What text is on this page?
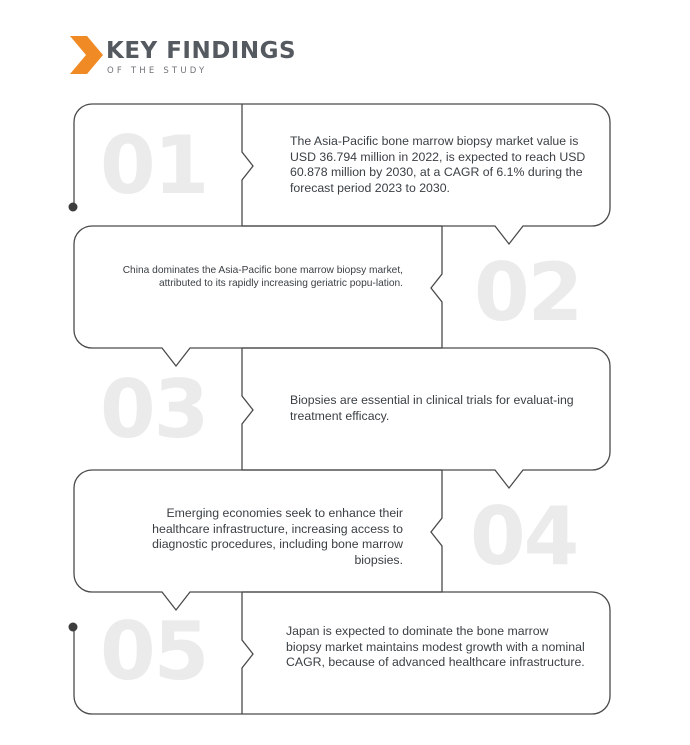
KEY FINDINGS
OF THE STUDY
01
02
03
04
05
The Asia-Pacific bone marrow biopsy market value is USD 36.794 million in 2022, is expected to reach USD 60.878 million by 2030, at a CAGR of 6.1% during the forecast period 2023 to 2030.
China dominates the Asia-Pacific bone marrow biopsy market, attributed to its rapidly increasing geriatric popu-lation.
Biopsies are essential in clinical trials for evaluat-ing treatment efficacy.
Emerging economies seek to enhance their healthcare infrastructure, increasing access to diagnostic procedures, including bone marrow biopsies.
Japan is expected to dominate the bone marrow biopsy market maintains modest growth with a nominal CAGR, because of advanced healthcare infrastructure.
